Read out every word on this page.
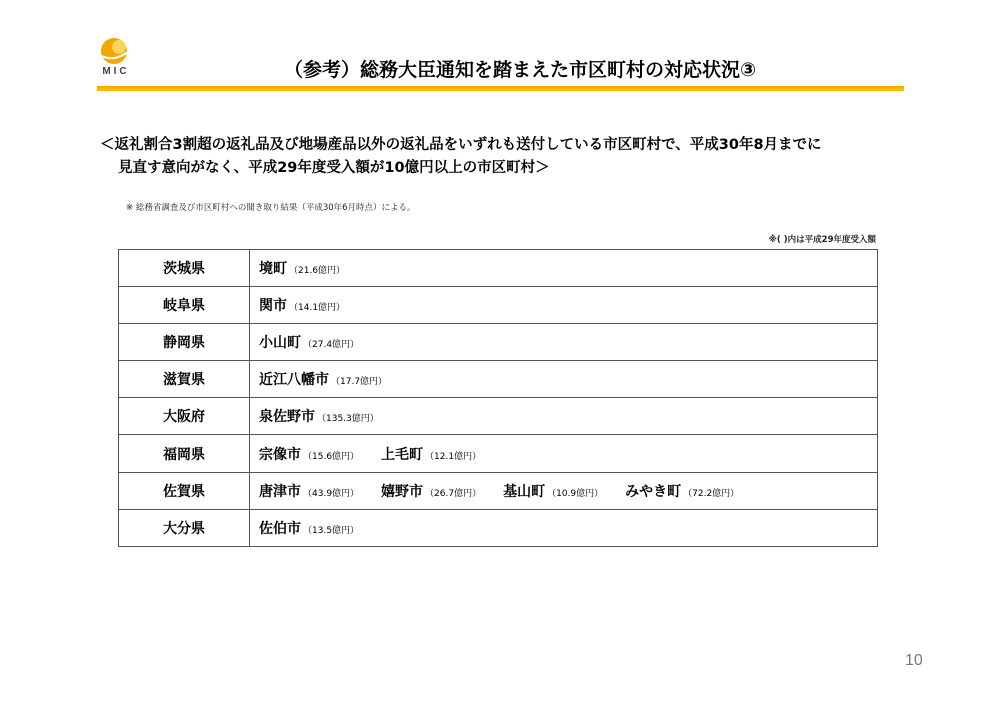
MIC	（参考）総務大臣通知を踏まえた市区町村の対応状況③
＜返礼割合3割超の返礼品及び地場産品以外の返礼品をいずれも送付している市区町村で、平成30年8月までに
見直す意向がなく、平成29年度受入額が10億円以上の市区町村＞
※ 総務省調査及び市区町村への聞き取り結果（平成30年6月時点）による。
※( )内は平成29年度受入額
茨城県	境町 （21.6億円）
岐阜県	関市 （14.1億円）
静岡県	小山町 （27.4億円）
滋賀県	近江八幡市 （17.7億円）
大阪府	泉佐野市 （135.3億円）
福岡県	宗像市 （15.6億円） 上毛町 （12.1億円）
佐賀県	唐津市 （43.9億円） 嬉野市 （26.7億円） 基山町 （10.9億円） みやき町 （72.2億円）
大分県	佐伯市 （13.5億円）
10
